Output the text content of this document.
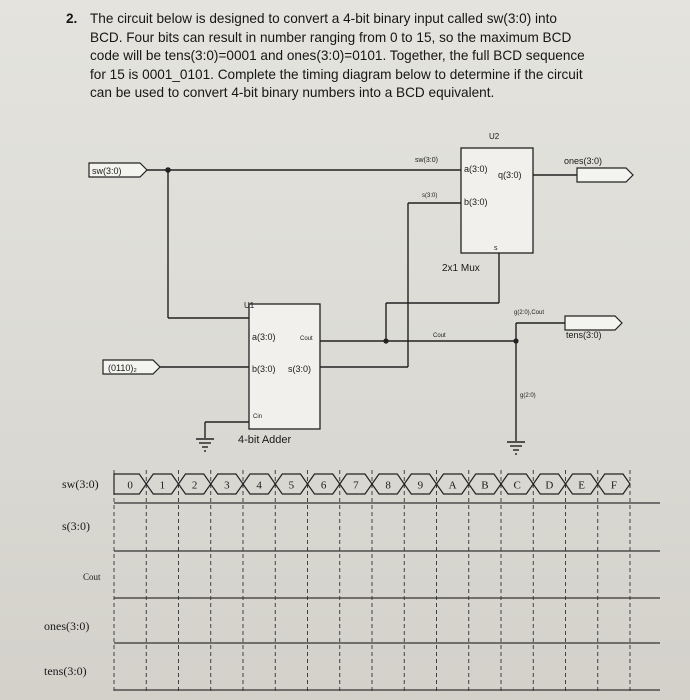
2. The circuit below is designed to convert a 4-bit binary input called sw(3:0) into
BCD. Four bits can result in number ranging from 0 to 15, so the maximum BCD
code will be tens(3:0)=0001 and ones(3:0)=0101. Together, the full BCD sequence
for 15 is 0001_0101. Complete the timing diagram below to determine if the circuit
can be used to convert 4-bit binary numbers into a BCD equivalent.
sw(3:0)
(0110)₂
ones(3:0)
tens(3:0)
U2
a(3:0)
b(3:0)
q(3:0)
s
2x1 Mux
sw(3:0)
s(3:0)
U1
a(3:0)
b(3:0) s(3:0)
Cout
Cin
4-bit Adder
Cout
g(2:0),Cout
g(2:0)
sw(3:0)
s(3:0)
Cout
ones(3:0)
tens(3:0)
0 1 2 3 4 5 6 7 8 9 A B C D E F
